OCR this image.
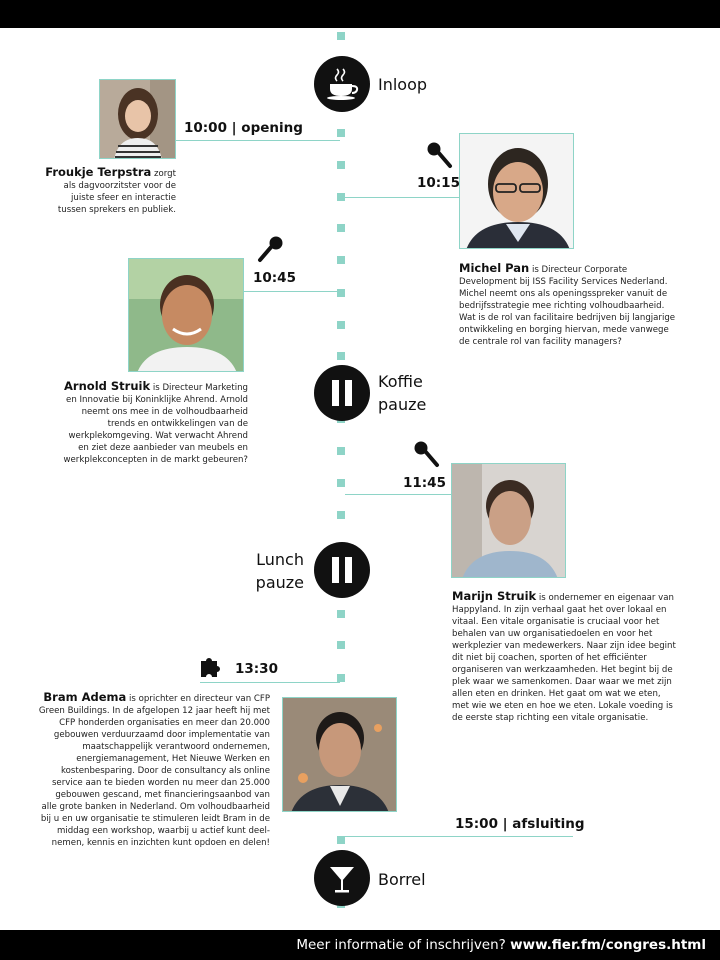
Inloop
10:00 | opening
Froukje Terpstra zorgt als dagvoorzitster voor de juiste sfeer en interactie tussen sprekers en publiek.
10:15
Michel Pan is Directeur Corporate Development bij ISS Facility Services Nederland. Michel neemt ons als openingsspreker vanuit de bedrijfsstrategie mee richting volhoudbaarheid. Wat is de rol van facilitaire bedrijven bij langjarige ontwikkeling en borging hiervan, mede vanwege de centrale rol van facility managers?
10:45
Arnold Struik is Directeur Marketing en Innovatie bij Koninklijke Ahrend. Arnold neemt ons mee in de volhoudbaarheid trends en ontwikkelingen van de werkplekomgeving. Wat verwacht Ahrend en ziet deze aanbieder van meubels en werkplekconcepten in de markt gebeuren?
Koffie
pauze
11:45
Marijn Struik is ondernemer en eigenaar van Happyland. In zijn verhaal gaat het over lokaal en vitaal. Een vitale organisatie is cruciaal voor het behalen van uw organisatiedoelen en voor het werkplezier van medewerkers. Naar zijn idee begint dit niet bij coachen, sporten of het efficiënter organiseren van werkzaamheden. Het begint bij de plek waar we samenkomen. Daar waar we met zijn allen eten en drinken. Het gaat om wat we eten, met wie we eten en hoe we eten. Lokale voeding is de eerste stap richting een vitale organisatie.
Lunch
pauze
13:30
Bram Adema is oprichter en directeur van CFP Green Buildings. In de afgelopen 12 jaar heeft hij met CFP honderden organisaties en meer dan 20.000 gebouwen verduurzaamd door implementatie van maatschappelijk verantwoord ondernemen, energiemanagement, Het Nieuwe Werken en kostenbesparing. Door de consultancy als online service aan te bieden worden nu meer dan 25.000 gebouwen gescand, met financieringsaanbod van alle grote banken in Nederland. Om volhoudbaarheid bij u en uw organisatie te stimuleren leidt Bram in de middag een workshop, waarbij u actief kunt deel-nemen, kennis en inzichten kunt opdoen en delen!
15:00 | afsluiting
Borrel
Meer informatie of inschrijven? www.fier.fm/congres.html
